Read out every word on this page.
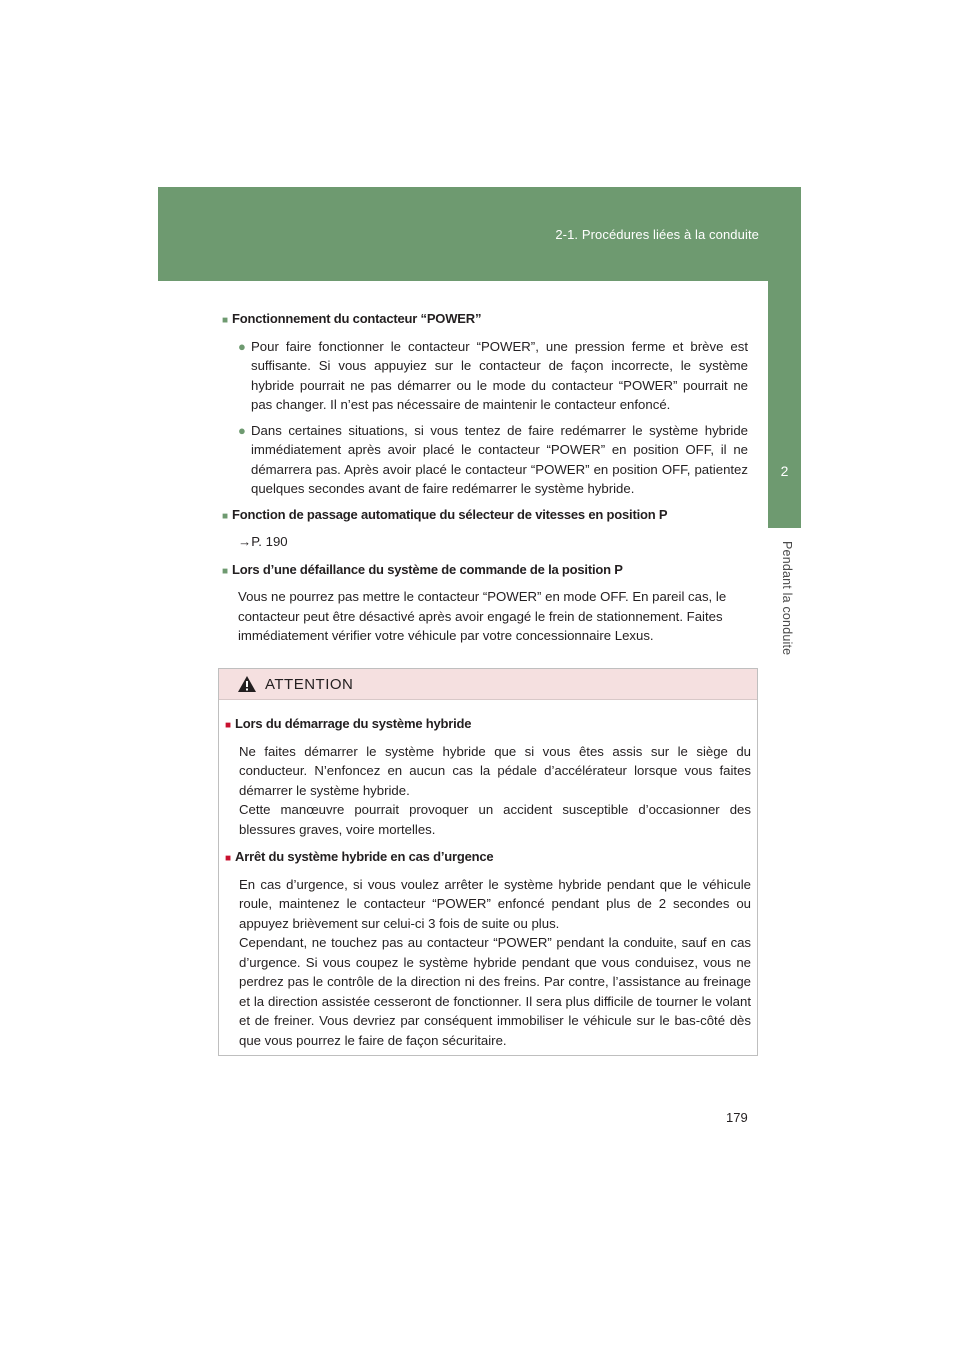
2-1. Procédures liées à la conduite
2
Pendant la conduite
■ Fonctionnement du contacteur “POWER”
● Pour faire fonctionner le contacteur “POWER”, une pression ferme et brève est suffisante. Si vous appuyiez sur le contacteur de façon incorrecte, le système hybride pourrait ne pas démarrer ou le mode du contacteur “POWER” pourrait ne pas changer. Il n’est pas nécessaire de maintenir le contacteur enfoncé.
● Dans certaines situations, si vous tentez de faire redémarrer le système hybride immédiatement après avoir placé le contacteur “POWER” en position OFF, il ne démarrera pas. Après avoir placé le contacteur “POWER” en position OFF, patientez quelques secondes avant de faire redémarrer le système hybride.
■ Fonction de passage automatique du sélecteur de vitesses en position P
→P. 190
■ Lors d’une défaillance du système de commande de la position P
Vous ne pourrez pas mettre le contacteur “POWER” en mode OFF. En pareil cas, le contacteur peut être désactivé après avoir engagé le frein de stationnement. Faites immédiatement vérifier votre véhicule par votre concessionnaire Lexus.
ATTENTION
■ Lors du démarrage du système hybride
Ne faites démarrer le système hybride que si vous êtes assis sur le siège du conducteur. N’enfoncez en aucun cas la pédale d’accélérateur lorsque vous faites démarrer le système hybride.
Cette manœuvre pourrait provoquer un accident susceptible d’occasionner des blessures graves, voire mortelles.
■ Arrêt du système hybride en cas d’urgence
En cas d’urgence, si vous voulez arrêter le système hybride pendant que le véhicule roule, maintenez le contacteur “POWER” enfoncé pendant plus de 2 secondes ou appuyez brièvement sur celui-ci 3 fois de suite ou plus.
Cependant, ne touchez pas au contacteur “POWER” pendant la conduite, sauf en cas d’urgence. Si vous coupez le système hybride pendant que vous conduisez, vous ne perdrez pas le contrôle de la direction ni des freins. Par contre, l’assistance au freinage et la direction assistée cesseront de fonctionner. Il sera plus difficile de tourner le volant et de freiner. Vous devriez par conséquent immobiliser le véhicule sur le bas-côté dès que vous pourrez le faire de façon sécuritaire.
179
